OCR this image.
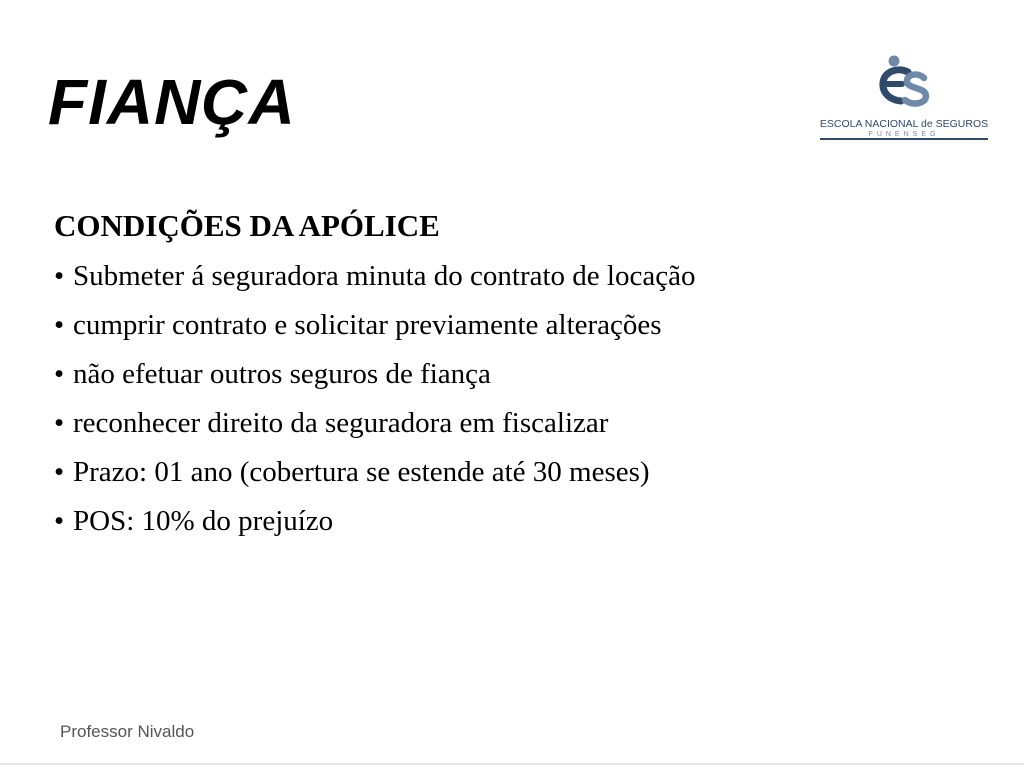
FIANÇA	ESCOLA NACIONAL de SEGUROS
FUNENSEG
CONDIÇÕES DA APÓLICE
• Submeter á seguradora minuta do contrato de locação
• cumprir contrato e solicitar previamente alterações
• não efetuar outros seguros de fiança
• reconhecer direito da seguradora em fiscalizar
• Prazo: 01 ano (cobertura se estende até 30 meses)
• POS: 10% do prejuízo
Professor Nivaldo
